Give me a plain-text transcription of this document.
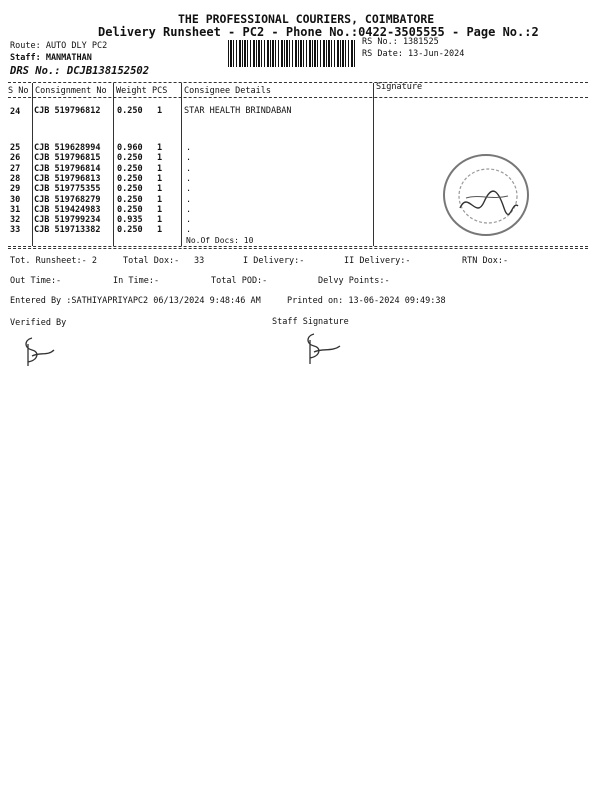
THE PROFESSIONAL COURIERS, COIMBATORE
Delivery Runsheet - PC2 - Phone No.:0422-3505555 - Page No.:2
Route: AUTO DLY PC2
Staff: MANMATHAN
DRS No.: DCJB138152502
RS No.: 1381525
RS Date: 13-Jun-2024
S No Consignment No Weight PCS Consignee Details	Signature
24 CJB 519796812 0.250 1	STAR HEALTH BRINDABAN
25 CJB 519628994 0.960 1	.
26 CJB 519796815 0.250 1	.
27 CJB 519796814 0.250 1	.
28 CJB 519796813 0.250 1	.
29 CJB 519775355 0.250 1	.
30 CJB 519768279 0.250 1	.
31 CJB 519424983 0.250 1	.
32 CJB 519799234 0.935 1	.
33 CJB 519713382 0.250 1	.
No.Of Docs: 10
Tot. Runsheet:- 2	Total Dox:- 33	I Delivery:-	II Delivery:-	RTN Dox:-
Out Time:-	In Time:-	Total POD:-	Delvy Points:-
Entered By :SATHIYAPRIYAPC2 06/13/2024 9:48:46 AM	Printed on: 13-06-2024 09:49:38
Verified By	Staff Signature
